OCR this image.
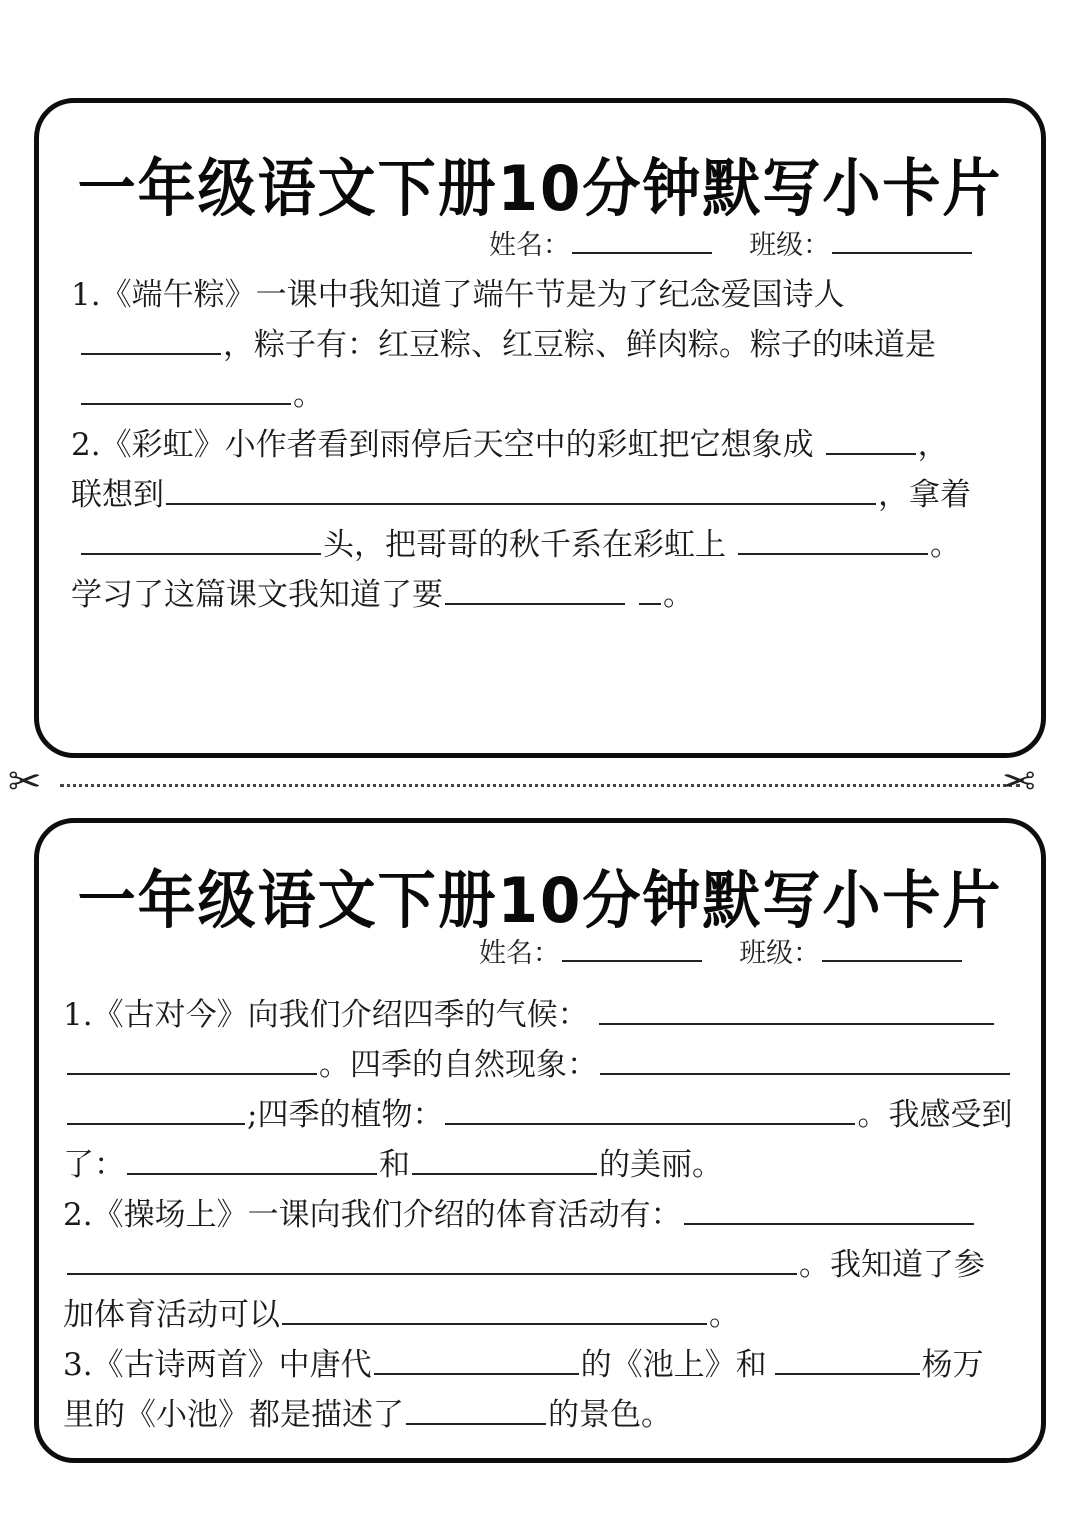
一年级语文下册10分钟默写小卡片
姓名：	班级：
1.《端午粽》一课中我知道了端午节是为了纪念爱国诗人
，粽子有：红豆粽、红豆粽、鲜肉粽。粽子的味道是
。
2.《彩虹》小作者看到雨停后天空中的彩虹把它想象成	，
联想到	，拿着
头，把哥哥的秋千系在彩虹上	。
学习了这篇课文我知道了要	。
✂	✂
一年级语文下册10分钟默写小卡片
姓名：	班级：
1.《古对今》向我们介绍四季的气候：
。四季的自然现象：
;四季的植物：	。我感受到
了：	和	的美丽。
2.《操场上》一课向我们介绍的体育活动有：
。我知道了参
加体育活动可以	。
3.《古诗两首》中唐代	的《池上》和	杨万
里的《小池》都是描述了	的景色。
